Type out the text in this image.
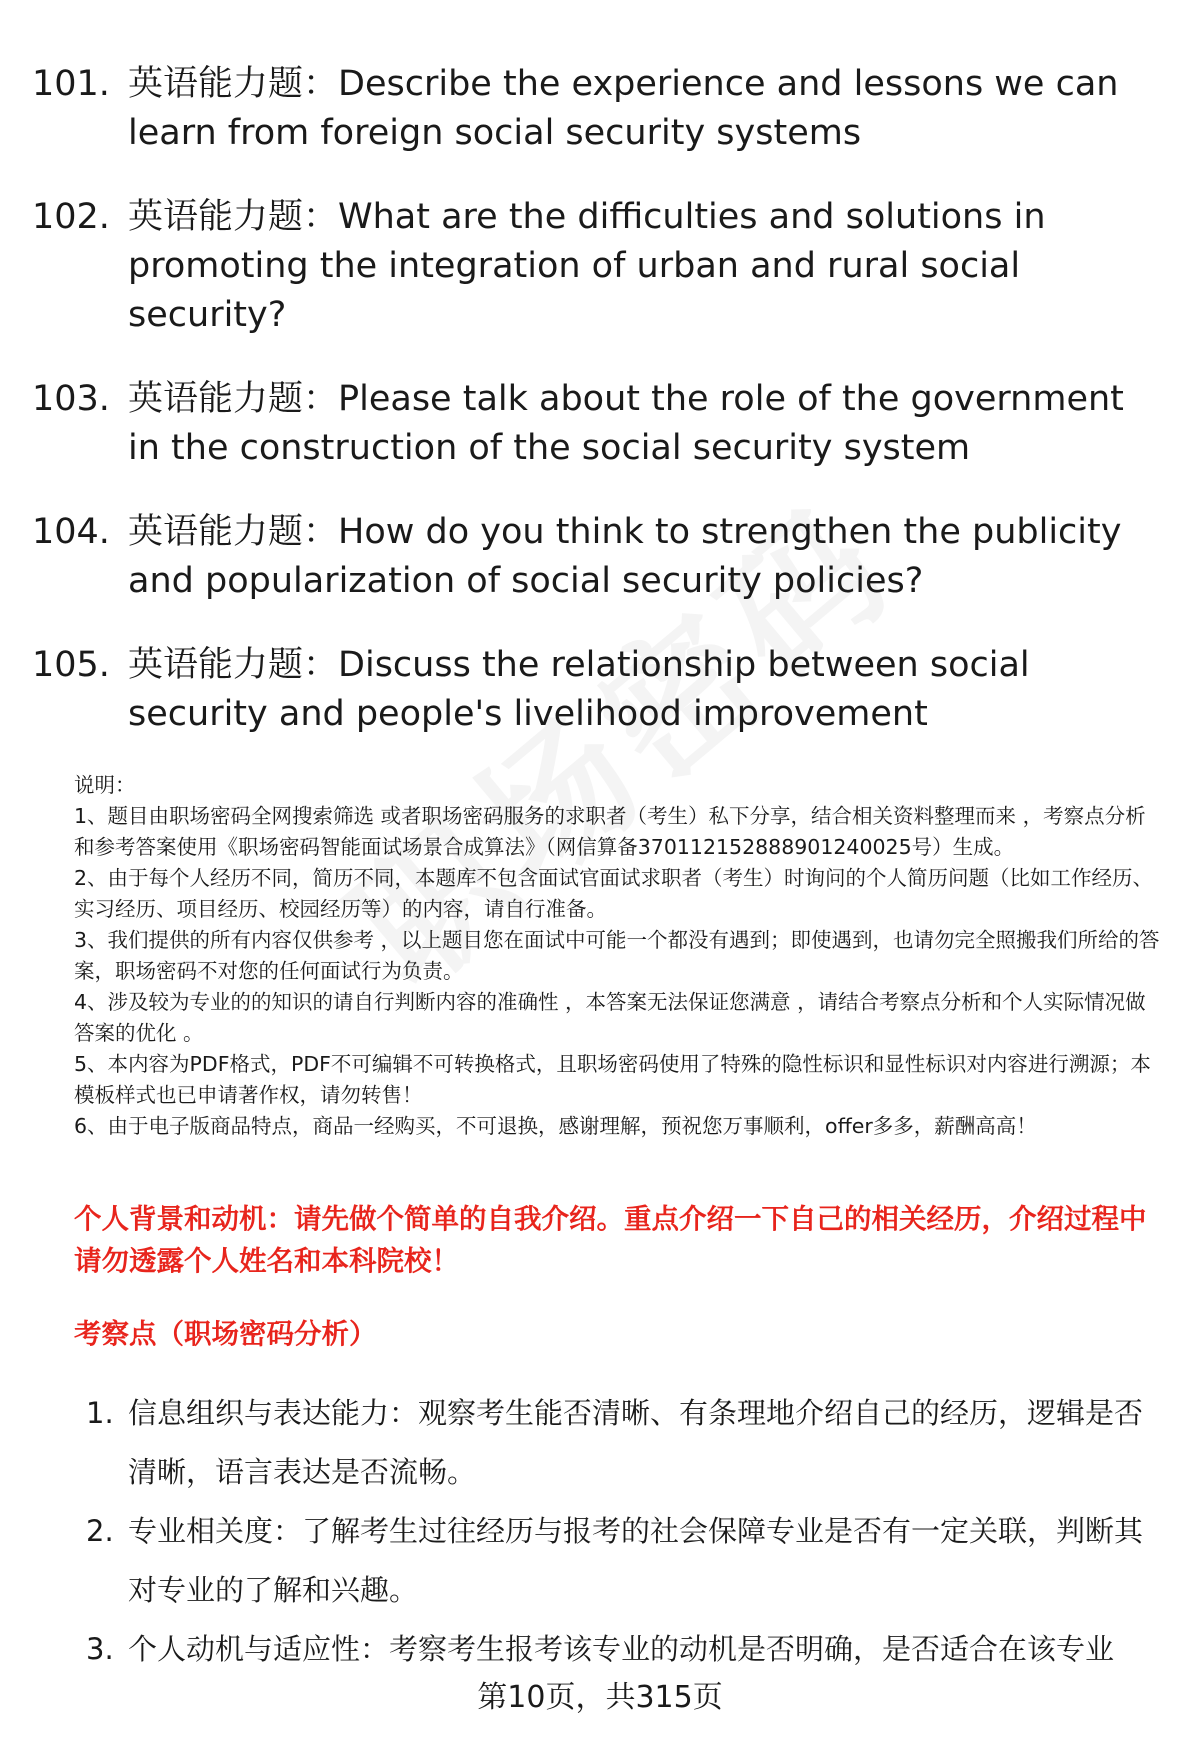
101. 英语能力题：Describe the experience and lessons we can learn from foreign social security systems
102. 英语能力题：What are the difficulties and solutions in promoting the integration of urban and rural social security?
103. 英语能力题：Please talk about the role of the government in the construction of the social security system
104. 英语能力题：How do you think to strengthen the publicity and popularization of social security policies?
105. 英语能力题：Discuss the relationship between social security and people's livelihood improvement

说明：

1、题目由职场密码全网搜索筛选 或者职场密码服务的求职者（考生）私下分享，结合相关资料整理而来 ，考察点分析和参考答案使用《职场密码智能面试场景合成算法》（网信算备370112152888901240025号）生成。

2、由于每个人经历不同，简历不同，本题库不包含面试官面试求职者（考生）时询问的个人简历问题（比如工作经历、实习经历、项目经历、校园经历等）的内容，请自行准备。

3、我们提供的所有内容仅供参考 ，以上题目您在面试中可能一个都没有遇到；即使遇到，也请勿完全照搬我们所给的答案，职场密码不对您的任何面试行为负责。

4、涉及较为专业的的知识的请自行判断内容的准确性 ，本答案无法保证您满意 ，请结合考察点分析和个人实际情况做答案的优化 。

5、本内容为PDF格式，PDF不可编辑不可转换格式，且职场密码使用了特殊的隐性标识和显性标识对内容进行溯源；本模板样式也已申请著作权，请勿转售！

6、由于电子版商品特点，商品一经购买，不可退换，感谢理解，预祝您万事顺利，offer多多，薪酬高高！

个人背景和动机：请先做个简单的自我介绍。重点介绍一下自己的相关经历，介绍过程中请勿透露个人姓名和本科院校！
考察点（职场密码分析）
1. 信息组织与表达能力：观察考生能否清晰、有条理地介绍自己的经历，逻辑是否清晰，语言表达是否流畅。
2. 专业相关度：了解考生过往经历与报考的社会保障专业是否有一定关联，判断其对专业的了解和兴趣。
3. 个人动机与适应性：考察考生报考该专业的动机是否明确，是否适合在该专业
第10页，共315页
